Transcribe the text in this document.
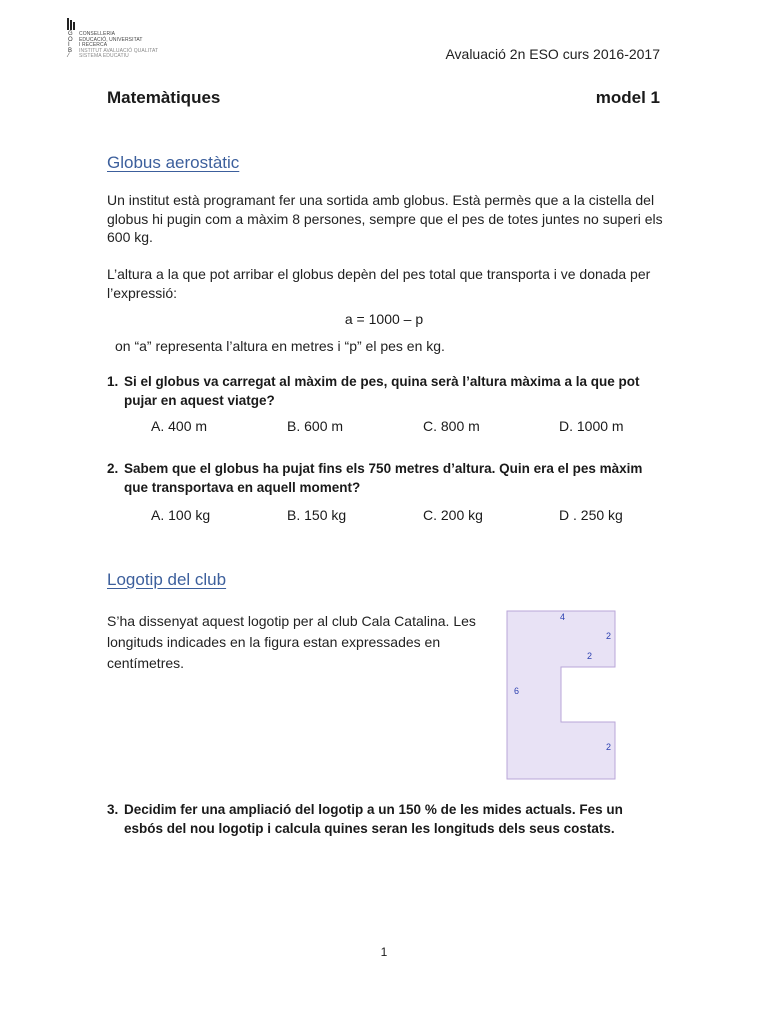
G
O
I
B
⁄
CONSELLERIA
EDUCACIÓ, UNIVERSITAT
I RECERCA
INSTITUT AVALUACIÓ QUALITAT
SISTEMA EDUCATIU	Avaluació 2n ESO curs 2016-2017
Matemàtiques	model 1
Globus aerostàtic
Un institut està programant fer una sortida amb globus. Està permès que a la cistella del globus hi pugin com a màxim 8 persones, sempre que el pes de totes juntes no superi els 600 kg.
L’altura a la que pot arribar el globus depèn del pes total que transporta i ve donada per l’expressió:
a = 1000 – p
on “a” representa l’altura en metres i “p” el pes en kg.
1. Si el globus va carregat al màxim de pes, quina serà l’altura màxima a la que pot pujar en aquest viatge?
A. 400 m	B. 600 m	C. 800 m	D. 1000 m
2. Sabem que el globus ha pujat fins els 750 metres d’altura. Quin era el pes màxim que transportava en aquell moment?
A. 100 kg	B. 150 kg	C. 200 kg	D . 250 kg
Logotip del club
S’ha dissenyat aquest logotip per al club Cala Catalina. Les longituds indicades en la figura estan expressades en centímetres.
4
2
2
6
2
3. Decidim fer una ampliació del logotip a un 150 % de les mides actuals. Fes un esbós del nou logotip i calcula quines seran les longituds dels seus costats.
1
